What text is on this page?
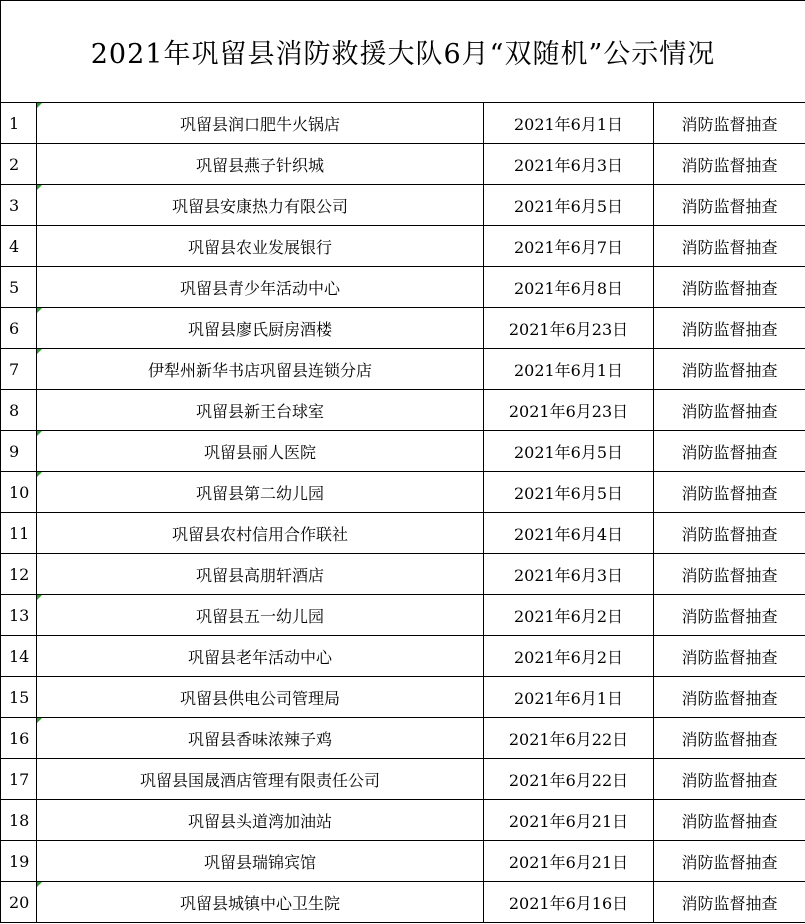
2021年巩留县消防救援大队6月“双随机”公示情况			
1	巩留县润口肥牛火锅店	2021年6月1日	消防监督抽查
2	巩留县燕子针织城	2021年6月3日	消防监督抽查
3	巩留县安康热力有限公司	2021年6月5日	消防监督抽查
4	巩留县农业发展银行	2021年6月7日	消防监督抽查
5	巩留县青少年活动中心	2021年6月8日	消防监督抽查
6	巩留县廖氏厨房酒楼	2021年6月23日	消防监督抽查
7	伊犁州新华书店巩留县连锁分店	2021年6月1日	消防监督抽查
8	巩留县新王台球室	2021年6月23日	消防监督抽查
9	巩留县丽人医院	2021年6月5日	消防监督抽查
10	巩留县第二幼儿园	2021年6月5日	消防监督抽查
11	巩留县农村信用合作联社	2021年6月4日	消防监督抽查
12	巩留县高朋轩酒店	2021年6月3日	消防监督抽查
13	巩留县五一幼儿园	2021年6月2日	消防监督抽查
14	巩留县老年活动中心	2021年6月2日	消防监督抽查
15	巩留县供电公司管理局	2021年6月1日	消防监督抽查
16	巩留县香味浓辣子鸡	2021年6月22日	消防监督抽查
17	巩留县国晟酒店管理有限责任公司	2021年6月22日	消防监督抽查
18	巩留县头道湾加油站	2021年6月21日	消防监督抽查
19	巩留县瑞锦宾馆	2021年6月21日	消防监督抽查
20	巩留县城镇中心卫生院	2021年6月16日	消防监督抽查
